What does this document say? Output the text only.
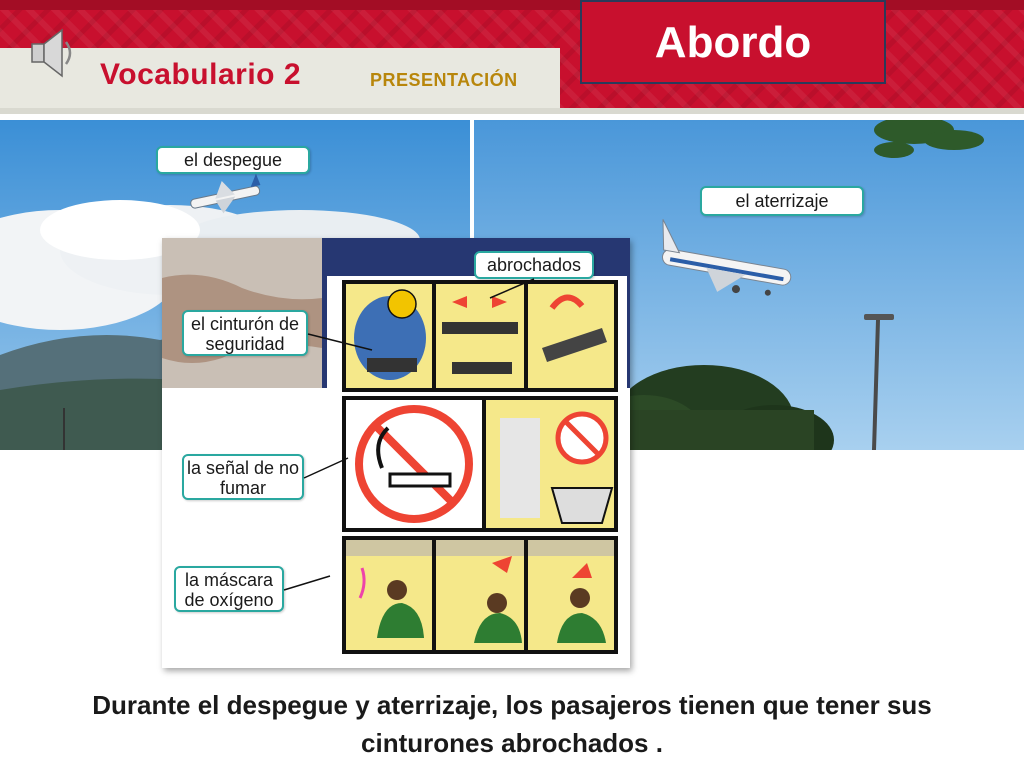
Vocabulario 2	PRESENTACIÓN
Abordo
el despegue
el aterrizaje
abrochados
el cinturón de seguridad
la señal de no fumar
la máscara de oxígeno
Durante el despegue y aterrizaje, los pasajeros tienen que tener sus cinturones abrochados .
